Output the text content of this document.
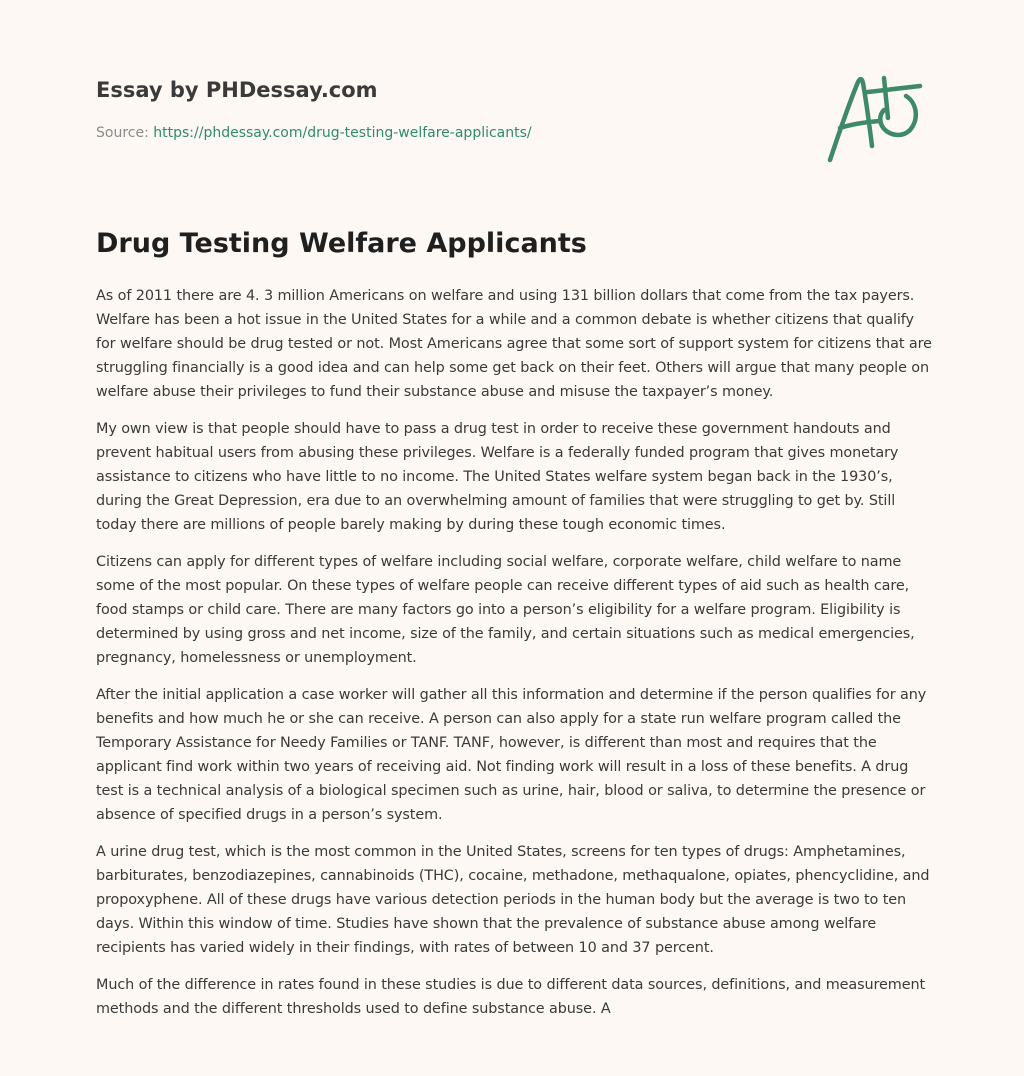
Essay by PHDessay.com
Source: https://phdessay.com/drug-testing-welfare-applicants/
Drug Testing Welfare Applicants

As of 2011 there are 4. 3 million Americans on welfare and using 131 billion dollars that come from the tax payers. Welfare has been a hot issue in the United States for a while and a common debate is whether citizens that qualify for welfare should be drug tested or not. Most Americans agree that some sort of support system for citizens that are struggling financially is a good idea and can help some get back on their feet. Others will argue that many people on welfare abuse their privileges to fund their substance abuse and misuse the taxpayer’s money.

My own view is that people should have to pass a drug test in order to receive these government handouts and prevent habitual users from abusing these privileges. Welfare is a federally funded program that gives monetary assistance to citizens who have little to no income. The United States welfare system began back in the 1930’s, during the Great Depression, era due to an overwhelming amount of families that were struggling to get by. Still today there are millions of people barely making by during these tough economic times.

Citizens can apply for different types of welfare including social welfare, corporate welfare, child welfare to name some of the most popular. On these types of welfare people can receive different types of aid such as health care, food stamps or child care. There are many factors go into a person’s eligibility for a welfare program. Eligibility is determined by using gross and net income, size of the family, and certain situations such as medical emergencies, pregnancy, homelessness or unemployment.

After the initial application a case worker will gather all this information and determine if the person qualifies for any benefits and how much he or she can receive. A person can also apply for a state run welfare program called the Temporary Assistance for Needy Families or TANF. TANF, however, is different than most and requires that the applicant find work within two years of receiving aid. Not finding work will result in a loss of these benefits. A drug test is a technical analysis of a biological specimen such as urine, hair, blood or saliva, to determine the presence or absence of specified drugs in a person’s system.

A urine drug test, which is the most common in the United States, screens for ten types of drugs: Amphetamines, barbiturates, benzodiazepines, cannabinoids (THC), cocaine, methadone, methaqualone, opiates, phencyclidine, and propoxyphene. All of these drugs have various detection periods in the human body but the average is two to ten days. Within this window of time. Studies have shown that the prevalence of substance abuse among welfare recipients has varied widely in their findings, with rates of between 10 and 37 percent.

Much of the difference in rates found in these studies is due to different data sources, definitions, and measurement methods and the different thresholds used to define substance abuse. A
